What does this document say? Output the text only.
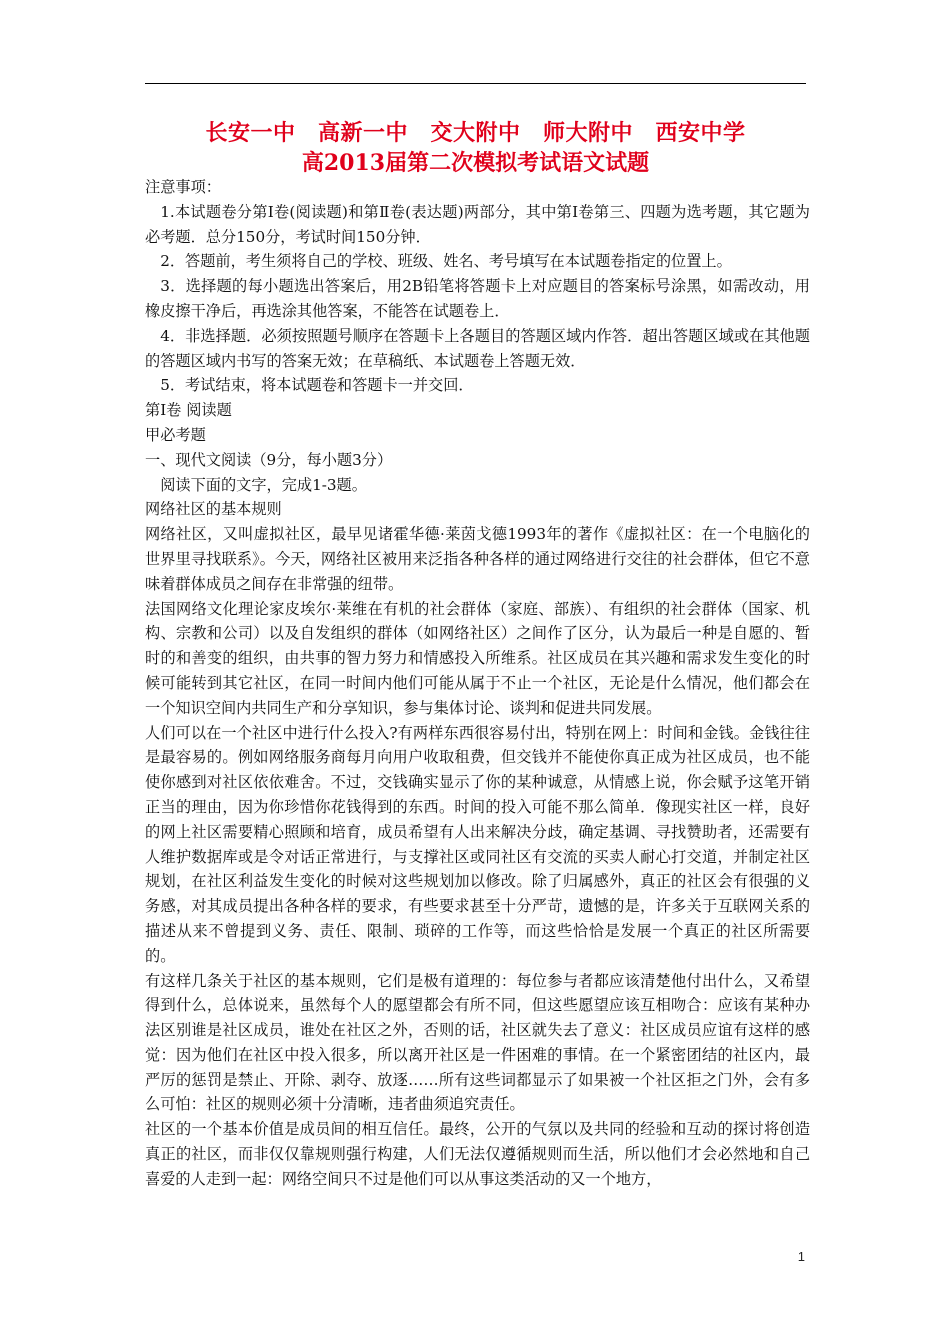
长安一中　高新一中　交大附中　师大附中　西安中学
高2013届第二次模拟考试语文试题

注意事项：

1.本试题卷分第Ⅰ卷(阅读题)和第Ⅱ卷(表达题)两部分，其中第Ⅰ卷第三、四题为选考题，其它题为必考题．总分150分，考试时间150分钟．

2．答题前，考生须将自己的学校、班级、姓名、考号填写在本试题卷指定的位置上。

3．选择题的每小题选出答案后，用2B铅笔将答题卡上对应题目的答案标号涂黑，如需改动，用橡皮擦干净后，再选涂其他答案，不能答在试题卷上．

4．非选择题．必须按照题号顺序在答题卡上各题目的答题区域内作答．超出答题区域或在其他题的答题区域内书写的答案无效；在草稿纸、本试题卷上答题无效．

5．考试结束，将本试题卷和答题卡一并交回．

第Ⅰ卷 阅读题

甲必考题

一、现代文阅读（9分，每小题3分）

阅读下面的文字，完成1-3题。

网络社区的基本规则

网络社区，又叫虚拟社区，最早见诸霍华德·莱茵戈德1993年的著作《虚拟社区：在一个电脑化的世界里寻找联系》。今天，网络社区被用来泛指各种各样的通过网络进行交往的社会群体，但它不意味着群体成员之间存在非常强的纽带。

法国网络文化理论家皮埃尔·莱维在有机的社会群体（家庭、部族）、有组织的社会群体（国家、机构、宗教和公司）以及自发组织的群体（如网络社区）之间作了区分，认为最后一种是自愿的、暂时的和善变的组织，由共事的智力努力和情感投入所维系。社区成员在其兴趣和需求发生变化的时候可能转到其它社区，在同一时间内他们可能从属于不止一个社区，无论是什么情况，他们都会在一个知识空间内共同生产和分享知识，参与集体讨论、谈判和促进共同发展。

人们可以在一个社区中进行什么投入?有两样东西很容易付出，特别在网上：时间和金钱。金钱往往是最容易的。例如网络服务商每月向用户收取租费，但交钱并不能使你真正成为社区成员，也不能使你感到对社区依依难舍。不过，交钱确实显示了你的某种诚意，从情感上说，你会赋予这笔开销正当的理由，因为你珍惜你花钱得到的东西。时间的投入可能不那么简单．像现实社区一样，良好的网上社区需要精心照顾和培育，成员希望有人出来解决分歧，确定基调、寻找赞助者，还需要有人维护数据库或是令对话正常进行，与支撑社区或同社区有交流的买卖人耐心打交道，并制定社区规划，在社区利益发生变化的时候对这些规划加以修改。除了归属感外，真正的社区会有很强的义务感，对其成员提出各种各样的要求，有些要求甚至十分严苛，遗憾的是，许多关于互联网关系的描述从来不曾提到义务、责任、限制、琐碎的工作等，而这些恰恰是发展一个真正的社区所需要的。

有这样几条关于社区的基本规则，它们是极有道理的：每位参与者都应该清楚他付出什么，又希望得到什么，总体说来，虽然每个人的愿望都会有所不同，但这些愿望应该互相吻合：应该有某种办法区别谁是社区成员，谁处在社区之外，否则的话，社区就失去了意义：社区成员应谊有这样的感觉：因为他们在社区中投入很多，所以离开社区是一件困难的事情。在一个紧密团结的社区内，最严厉的惩罚是禁止、开除、剥夺、放逐……所有这些词都显示了如果被一个社区拒之门外，会有多么可怕：社区的规则必须十分清晰，违者曲须追究责任。

社区的一个基本价值是成员间的相互信任。最终，公开的气氛以及共同的经验和互动的探讨将创造真正的社区，而非仅仅靠规则强行构建，人们无法仅遵循规则而生活，所以他们才会必然地和自己喜爱的人走到一起：网络空间只不过是他们可以从事这类活动的又一个地方，

1
